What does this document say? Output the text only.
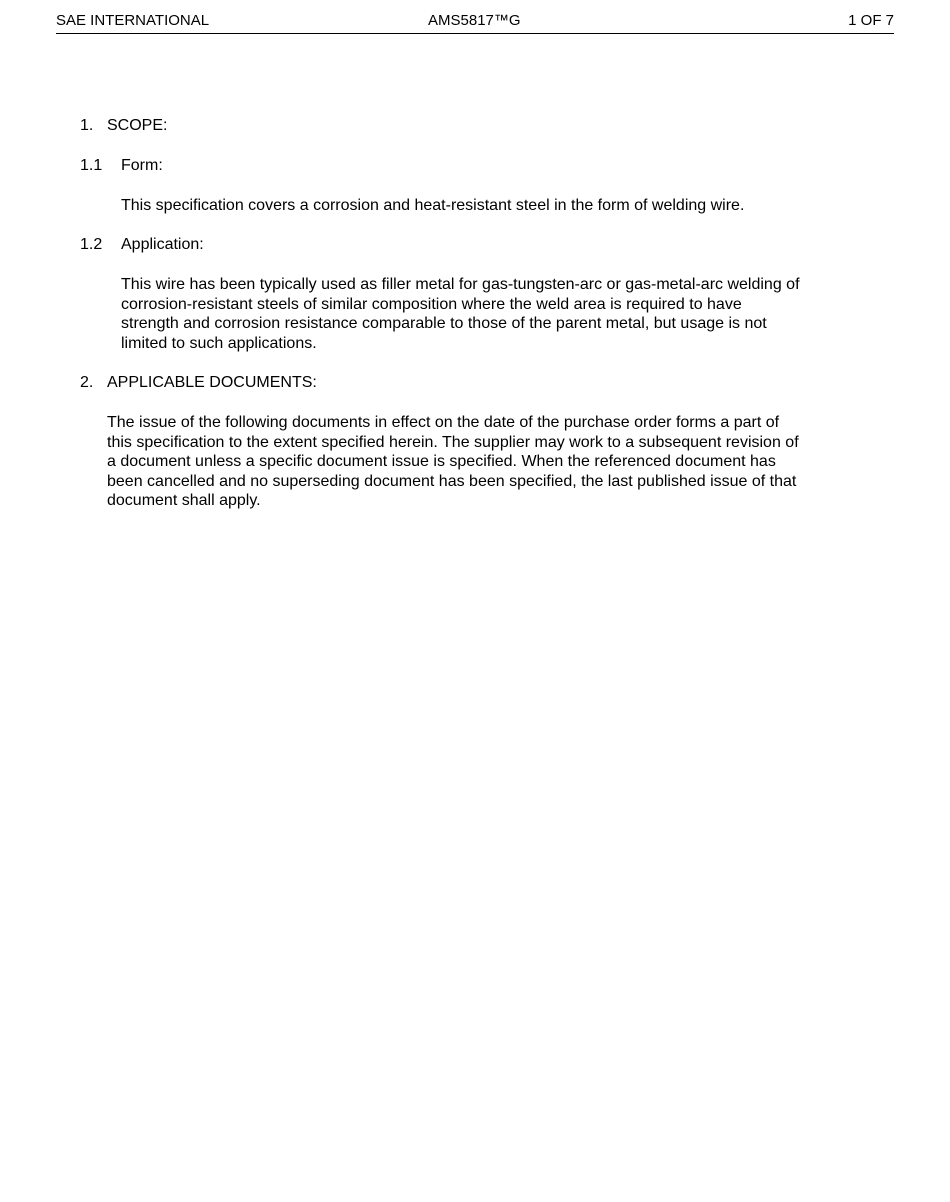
SAE INTERNATIONAL	AMS5817™G	1 OF 7
1. SCOPE:
1.1 Form:
This specification covers a corrosion and heat-resistant steel in the form of welding wire.
1.2 Application:
This wire has been typically used as filler metal for gas-tungsten-arc or gas-metal-arc welding of
corrosion-resistant steels of similar composition where the weld area is required to have
strength and corrosion resistance comparable to those of the parent metal, but usage is not
limited to such applications.
2. APPLICABLE DOCUMENTS:
The issue of the following documents in effect on the date of the purchase order forms a part of
this specification to the extent specified herein. The supplier may work to a subsequent revision of
a document unless a specific document issue is specified. When the referenced document has
been cancelled and no superseding document has been specified, the last published issue of that
document shall apply.
